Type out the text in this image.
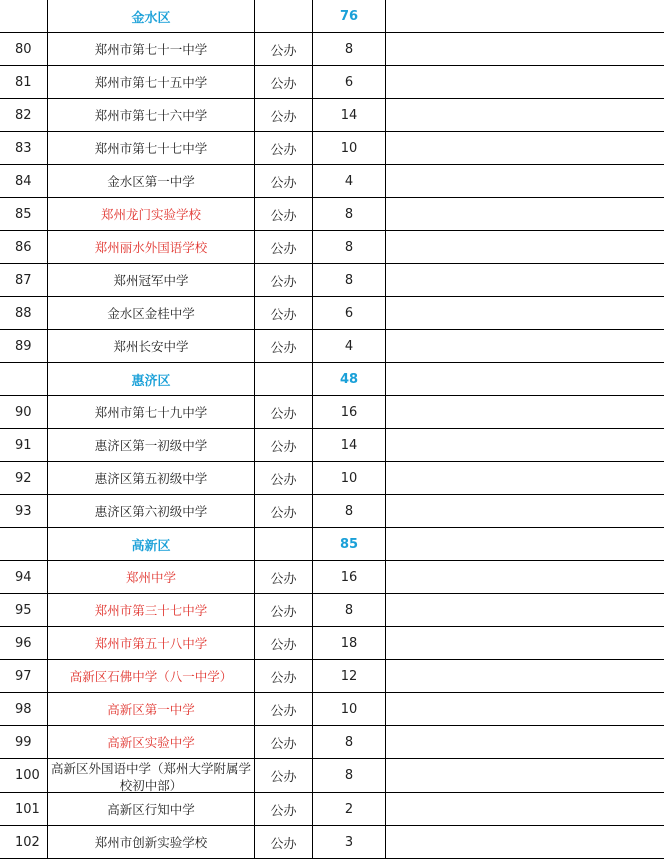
	金水区		76	
80	郑州市第七十一中学	公办	8	
81	郑州市第七十五中学	公办	6	
82	郑州市第七十六中学	公办	14	
83	郑州市第七十七中学	公办	10	
84	金水区第一中学	公办	4	
85	郑州龙门实验学校	公办	8	
86	郑州丽水外国语学校	公办	8	
87	郑州冠军中学	公办	8	
88	金水区金桂中学	公办	6	
89	郑州长安中学	公办	4	
	惠济区		48	
90	郑州市第七十九中学	公办	16	
91	惠济区第一初级中学	公办	14	
92	惠济区第五初级中学	公办	10	
93	惠济区第六初级中学	公办	8	
	高新区		85	
94	郑州中学	公办	16	
95	郑州市第三十七中学	公办	8	
96	郑州市第五十八中学	公办	18	
97	高新区石佛中学（八一中学）	公办	12	
98	高新区第一中学	公办	10	
99	高新区实验中学	公办	8	
100	高新区外国语中学（郑州大学附属学校初中部）	公办	8	
101	高新区行知中学	公办	2	
102	郑州市创新实验学校	公办	3	
